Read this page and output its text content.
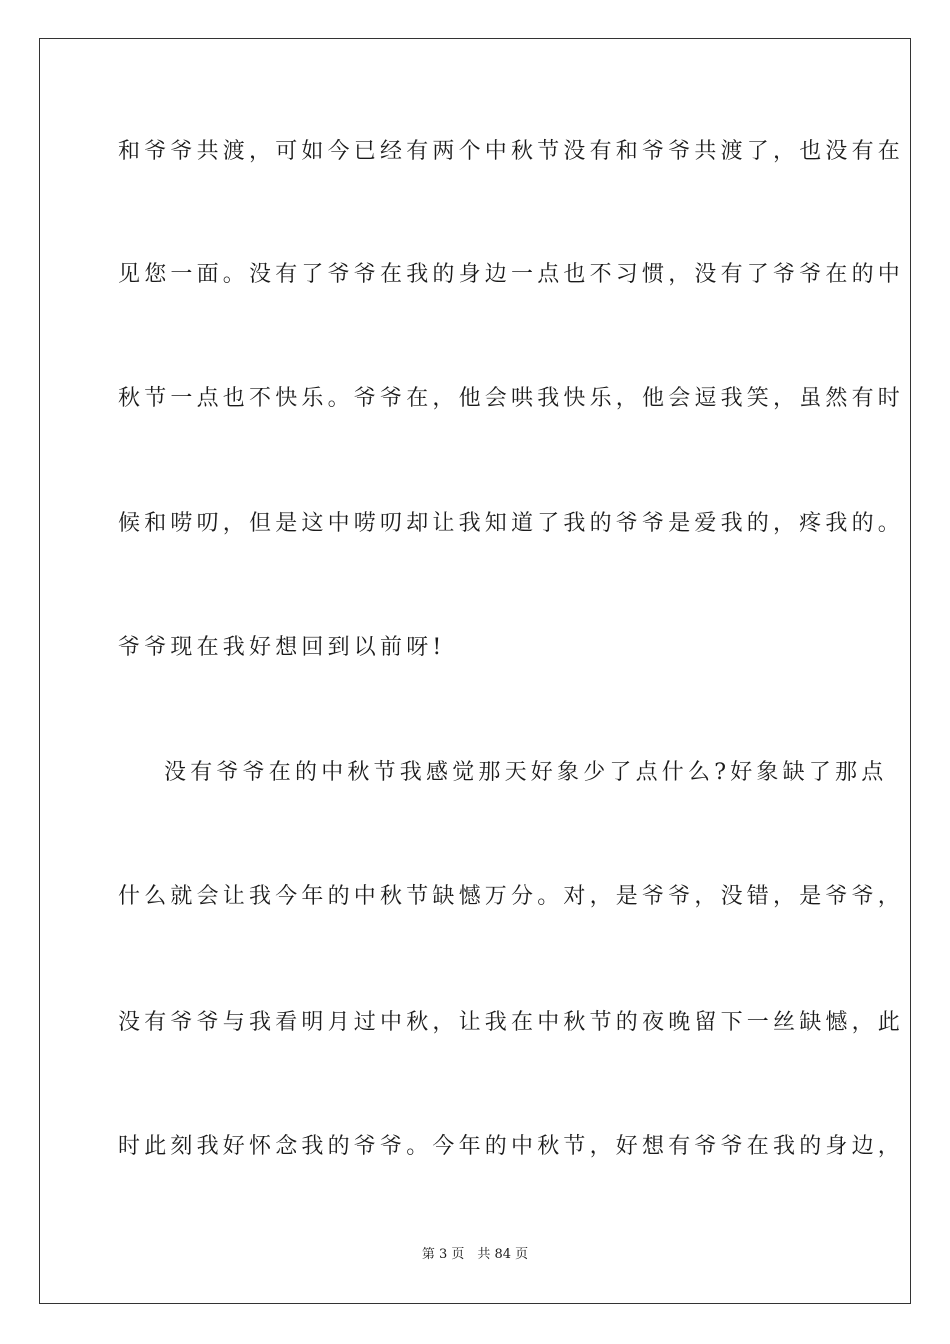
和爷爷共渡，可如今已经有两个中秋节没有和爷爷共渡了，也没有在
见您一面。没有了爷爷在我的身边一点也不习惯，没有了爷爷在的中
秋节一点也不快乐。爷爷在，他会哄我快乐，他会逗我笑，虽然有时
候和唠叨，但是这中唠叨却让我知道了我的爷爷是爱我的，疼我的。
爷爷现在我好想回到以前呀!
没有爷爷在的中秋节我感觉那天好象少了点什么?好象缺了那点
什么就会让我今年的中秋节缺憾万分。对，是爷爷，没错，是爷爷，
没有爷爷与我看明月过中秋，让我在中秋节的夜晚留下一丝缺憾，此
时此刻我好怀念我的爷爷。今年的中秋节，好想有爷爷在我的身边，
第 3 页　共 84 页
